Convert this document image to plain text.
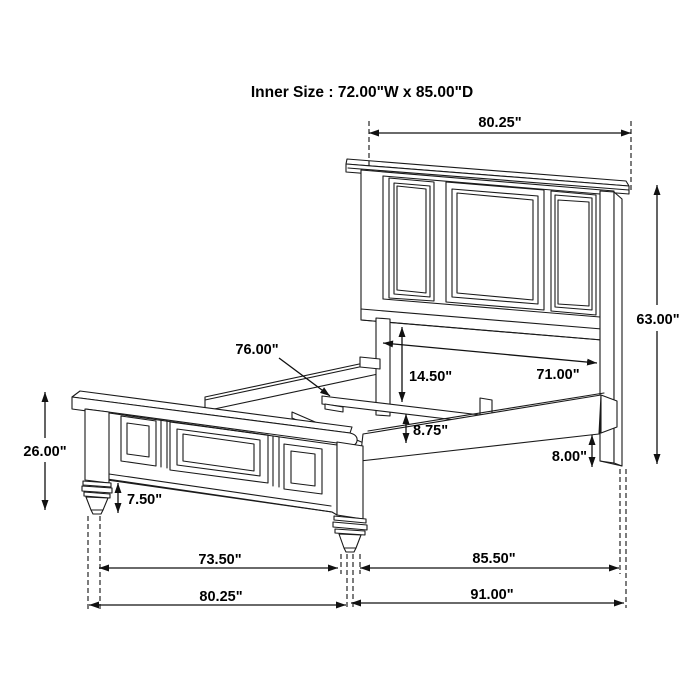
Inner Size : 72.00"W x 85.00"D
80.25"
63.00"
76.00"
14.50"	71.00"
8.75"
8.00"
26.00"
7.50"
73.50"
80.25"
85.50"
91.00"
